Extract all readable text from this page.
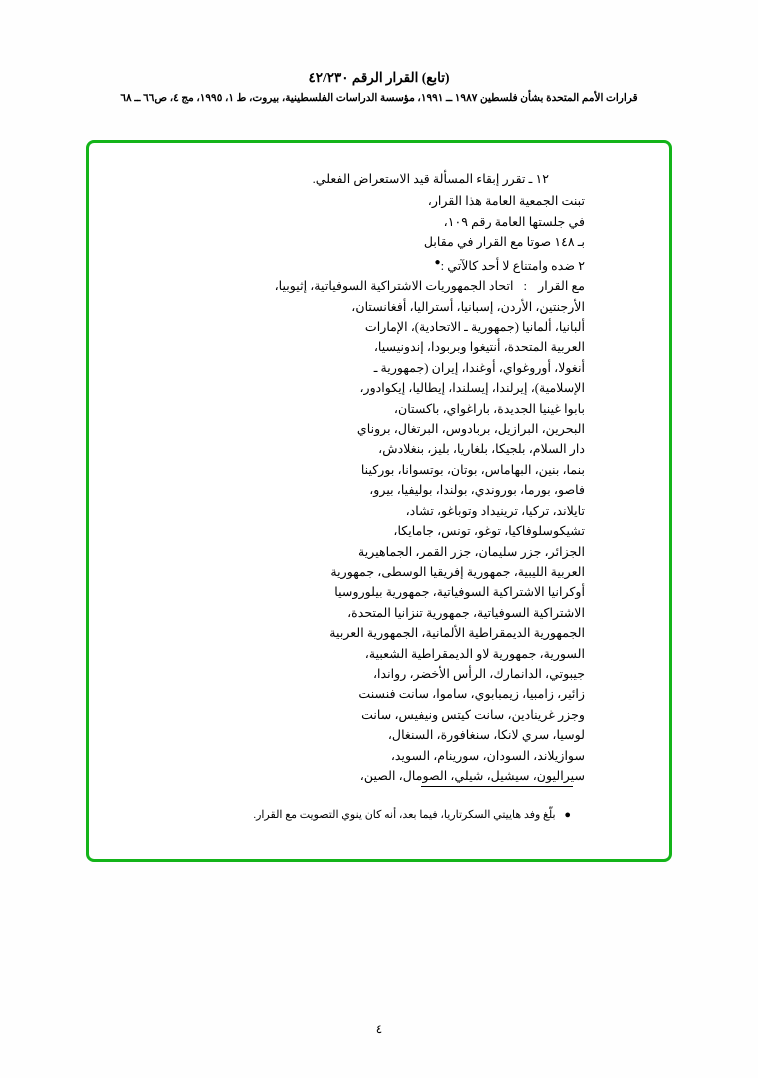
(تابع) القرار الرقم ٤٢/٢٣٠
قرارات الأمم المتحدة بشأن فلسطين ١٩٨٧ ــ ١٩٩١، مؤسسة الدراسات الفلسطينية، بيروت، ط ١، ١٩٩٥، مج ٤، ص٦٦ ــ ٦٨
١٢ ـ تقرر إبقاء المسألة قيد الاستعراض الفعلي.
تبنت الجمعية العامة هذا القرار،
في جلستها العامة رقم ١٠٩،
بـ ١٤٨ صوتا مع القرار في مقابل
٢ ضده وامتناع لا أحد كالآتي :●
مع القرار
:
اتحاد الجمهوريات الاشتراكية السوفياتية، إثيوبيا،
الأرجنتين، الأردن، إسبانيا، أستراليا، أفغانستان،
ألبانيا، ألمانيا (جمهورية ـ الاتحادية)، الإمارات
العربية المتحدة، أنتيغوا وبربودا، إندونيسيا،
أنغولا، أوروغواي، أوغندا، إيران (جمهورية ـ
الإسلامية)، إيرلندا، إيسلندا، إيطاليا، إيكوادور،
بابوا غينيا الجديدة، باراغواي، باكستان،
البحرين، البرازيل، بربادوس، البرتغال، بروناي
دار السلام، بلجيكا، بلغاريا، بليز، بنغلادش،
بنما، بنين، البهاماس، بوتان، بوتسوانا، بوركينا
فاصو، بورما، بوروندي، بولندا، بوليفيا، بيرو،
تايلاند، تركيا، ترينيداد وتوباغو، تشاد،
تشيكوسلوفاكيا، توغو، تونس، جامايكا،
الجزائر، جزر سليمان، جزر القمر، الجماهيرية
العربية الليبية، جمهورية إفريقيا الوسطى، جمهورية
أوكرانيا الاشتراكية السوفياتية، جمهورية بيلوروسيا
الاشتراكية السوفياتية، جمهورية تنزانيا المتحدة،
الجمهورية الديمقراطية الألمانية، الجمهورية العربية
السورية، جمهورية لاو الديمقراطية الشعبية،
جيبوتي، الدانمارك، الرأس الأخضر، رواندا،
زائير، زامبيا، زيمبابوي، ساموا، سانت فنسنت
وجزر غرينادين، سانت كيتس ونيفيس، سانت
لوسيا، سري لانكا، سنغافورة، السنغال،
سوازيلاند، السودان، سورينام، السويد،
سيراليون، سيشيل، شيلي، الصومال، الصين،
● بلّغ وفد هاييتي السكرتاريا، فيما بعد، أنه كان ينوي التصويت مع القرار.
٤
